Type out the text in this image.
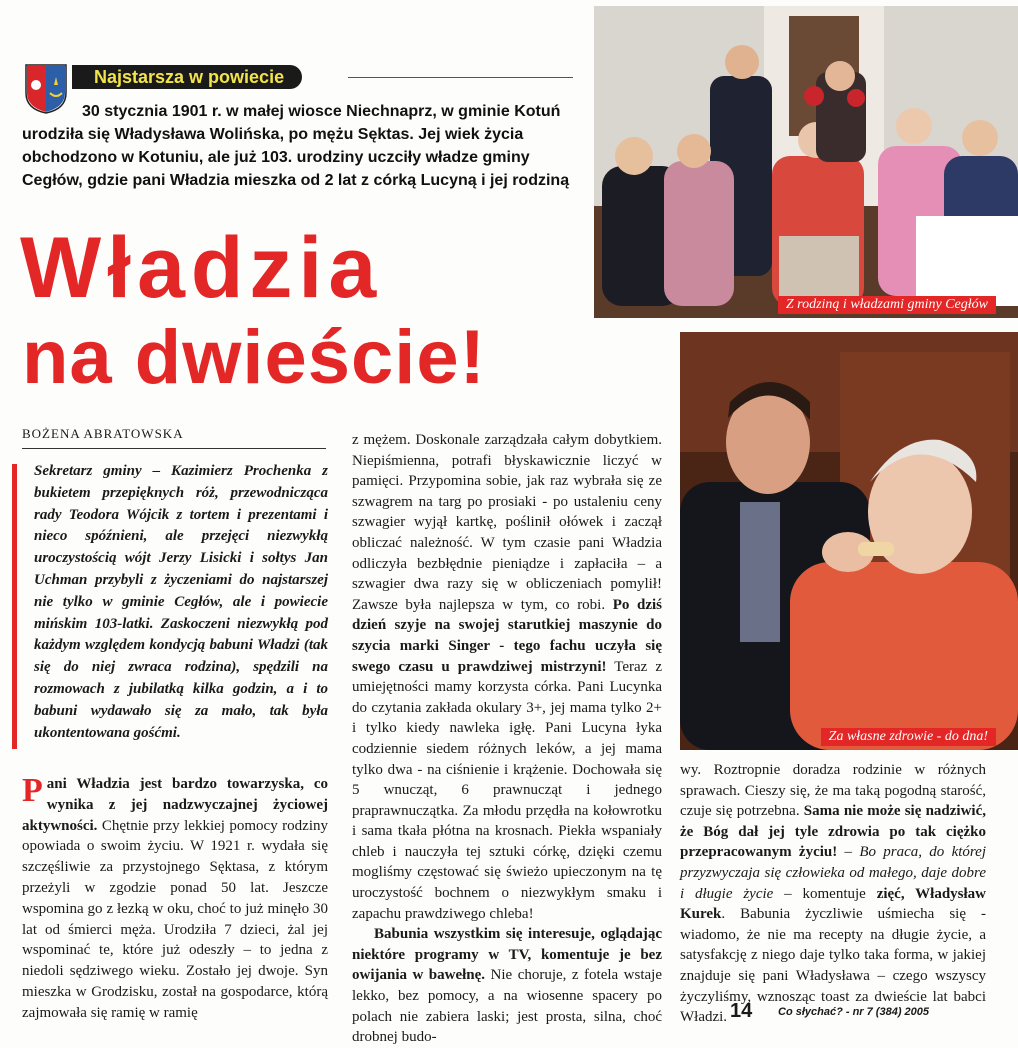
Najstarsza w powiecie

30 stycznia 1901 r. w małej wiosce Niechnaprz, w gminie Kotuń urodziła się Władysława Wolińska, po mężu Sęktas. Jej wiek życia obchodzono w Kotuniu, ale już 103. urodziny uczciły władze gminy Cegłów, gdzie pani Władzia mieszka od 2 lat z córką Lucyną i jej rodziną

Władzia
na dwieście!
BOŻENA ABRATOWSKA

Sekretarz gminy – Kazimierz Prochenka z bukietem przepięknych róż, przewodnicząca rady Teodora Wójcik z tortem i prezentami i nieco spóźnieni, ale przejęci niezwykłą uroczystością wójt Jerzy Lisicki i sołtys Jan Uchman przybyli z życzeniami do najstarszej nie tylko w gminie Cegłów, ale i powiecie mińskim 103-latki. Zaskoczeni niezwykłą pod każdym względem kondycją babuni Władzi (tak się do niej zwraca rodzina), spędzili na rozmowach z jubilatką kilka godzin, a i to babuni wydawało się za mało, tak była ukontentowana gośćmi.

Pani Władzia jest bardzo towarzyska, co wynika z jej nadzwyczajnej życiowej aktywności. Chętnie przy lekkiej pomocy rodziny opowiada o swoim życiu. W 1921 r. wydała się szczęśliwie za przystojnego Sęktasa, z którym przeżyli w zgodzie ponad 50 lat. Jeszcze wspomina go z łezką w oku, choć to już minęło 30 lat od śmierci męża. Urodziła 7 dzieci, żal jej wspominać te, które już odeszły – to jedna z niedoli sędziwego wieku. Zostało jej dwoje. Syn mieszka w Grodzisku, został na gospodarce, którą zajmowała się ramię w ramię

z mężem. Doskonale zarządzała całym dobytkiem. Niepiśmienna, potrafi błyskawicznie liczyć w pamięci. Przypomina sobie, jak raz wybrała się ze szwagrem na targ po prosiaki - po ustaleniu ceny szwagier wyjął kartkę, poślinił ołówek i zaczął obliczać należność. W tym czasie pani Władzia odliczyła bezbłędnie pieniądze i zapłaciła – a szwagier dwa razy się w obliczeniach pomylił! Zawsze była najlepsza w tym, co robi. Po dziś dzień szyje na swojej starutkiej maszynie do szycia marki Singer - tego fachu uczyła się swego czasu u prawdziwej mistrzyni! Teraz z umiejętności mamy korzysta córka. Pani Lucynka do czytania zakłada okulary 3+, jej mama tylko 2+ i tylko kiedy nawleka igłę. Pani Lucyna łyka codziennie siedem różnych leków, a jej mama tylko dwa - na ciśnienie i krążenie. Dochowała się 5 wnucząt, 6 prawnucząt i jednego praprawnuczątka. Za młodu przędła na kołowrotku i sama tkała płótna na krosnach. Piekła wspaniały chleb i nauczyła tej sztuki córkę, dzięki czemu mogliśmy częstować się świeżo upieczonym na tę uroczystość bochnem o niezwykłym smaku i zapachu prawdziwego chleba!

Babunia wszystkim się interesuje, oglądając niektóre programy w TV, komentuje je bez owijania w bawełnę. Nie choruje, z fotela wstaje lekko, bez pomocy, a na wiosenne spacery po polach nie zabiera laski; jest prosta, silna, choć drobnej budo-

wy. Roztropnie doradza rodzinie w różnych sprawach. Cieszy się, że ma taką pogodną starość, czuje się potrzebna. Sama nie może się nadziwić, że Bóg dał jej tyle zdrowia po tak ciężko przepracowanym życiu! – Bo praca, do której przyzwyczaja się człowieka od małego, daje dobre i długie życie – komentuje zięć, Władysław Kurek. Babunia życzliwie uśmiecha się - wiadomo, że nie ma recepty na długie życie, a satysfakcję z niego daje tylko taka forma, w jakiej znajduje się pani Władysława – czego wszyscy życzyliśmy, wznosząc toast za dwieście lat babci Władzi.

Z rodziną i władzami gminy Cegłów
Za własne zdrowie - do dna!
14 Co słychać? - nr 7 (384) 2005
